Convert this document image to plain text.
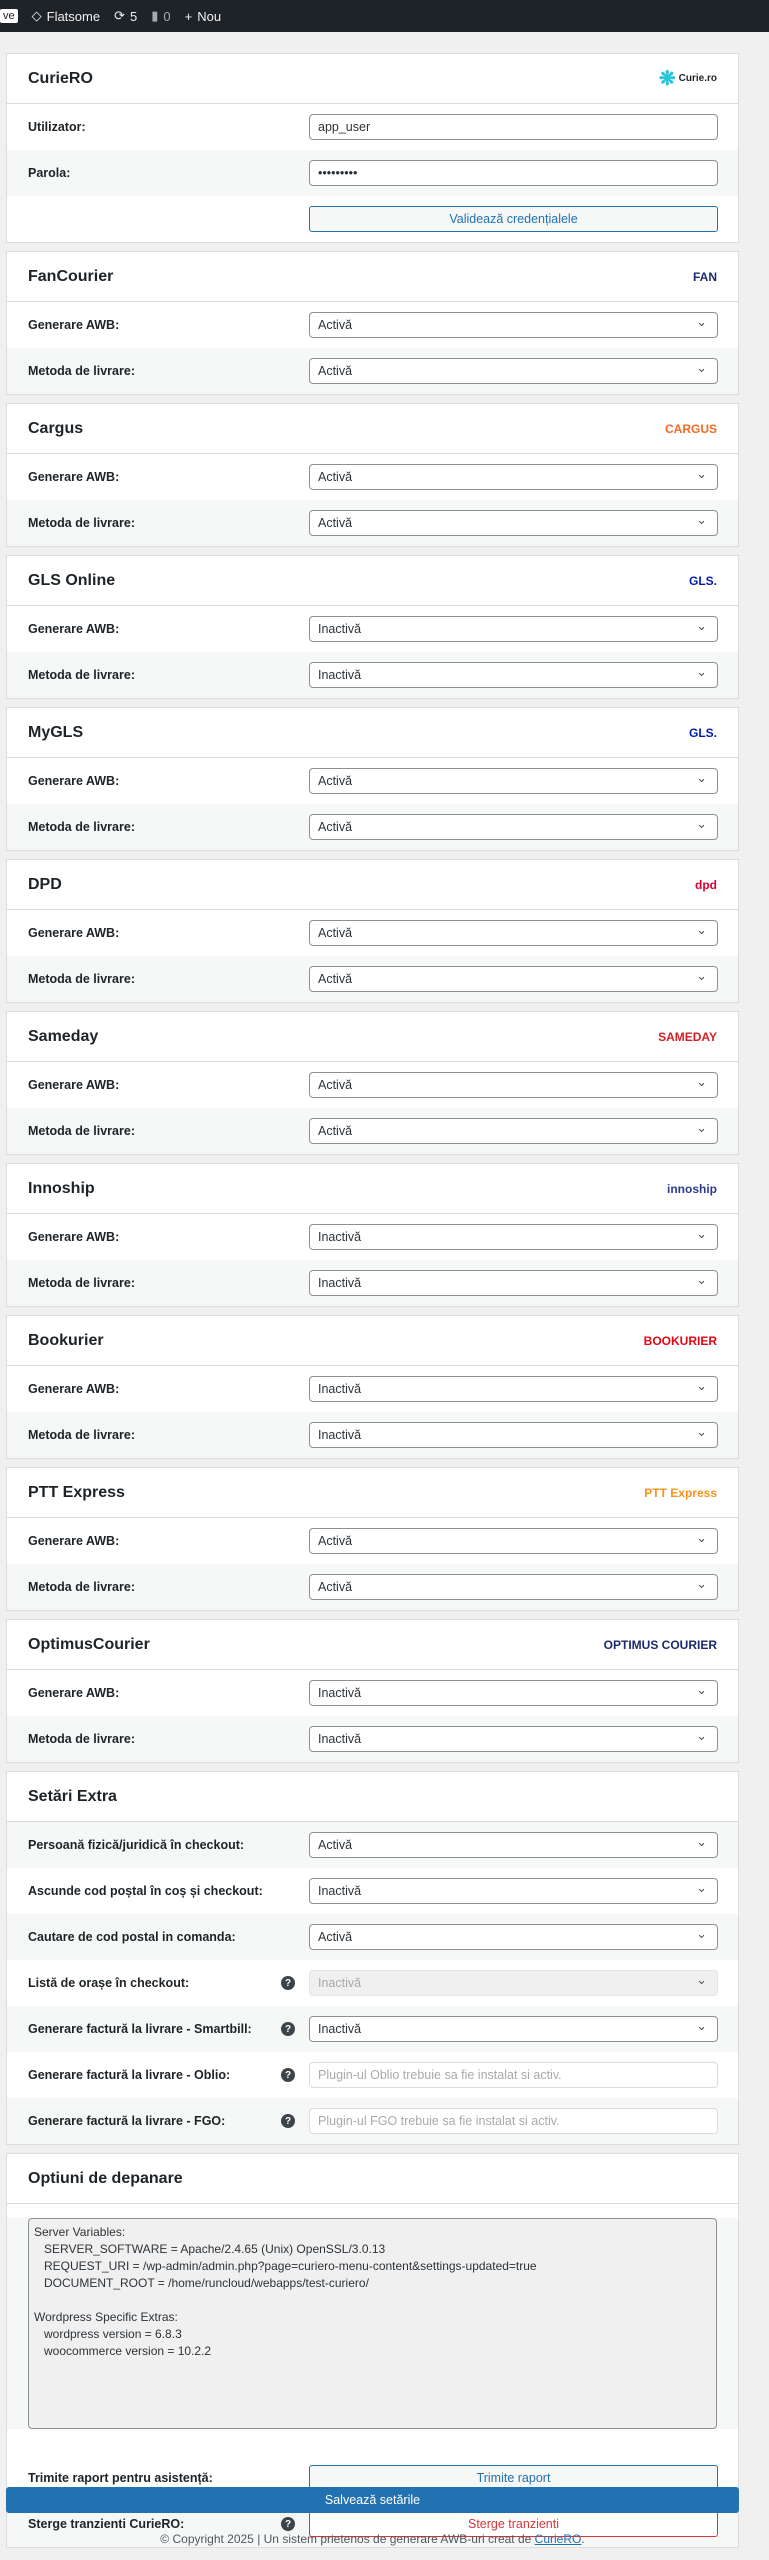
ve ◇ Flatsome ⟳ 5 ▮ 0 + Nou
CurieRO	❋ Curie.ro
Utilizator:	app_user
Parola:	•••••••••
Validează credențialele
FanCourier	FAN
Generare AWB:	Activă ⌄
Metoda de livrare:	Activă ⌄
Cargus	CARGUS
Generare AWB:	Activă ⌄
Metoda de livrare:	Activă ⌄
GLS Online	GLS.
Generare AWB:	Inactivă ⌄
Metoda de livrare:	Inactivă ⌄
MyGLS	GLS.
Generare AWB:	Activă ⌄
Metoda de livrare:	Activă ⌄
DPD	dpd
Generare AWB:	Activă ⌄
Metoda de livrare:	Activă ⌄
Sameday	SAMEDAY
Generare AWB:	Activă ⌄
Metoda de livrare:	Activă ⌄
Innoship	innoship
Generare AWB:	Inactivă ⌄
Metoda de livrare:	Inactivă ⌄
Bookurier	BOOKURIER
Generare AWB:	Inactivă ⌄
Metoda de livrare:	Inactivă ⌄
PTT Express	PTT Express
Generare AWB:	Activă ⌄
Metoda de livrare:	Activă ⌄
OptimusCourier	OPTIMUS COURIER
Generare AWB:	Inactivă ⌄
Metoda de livrare:	Inactivă ⌄
Setări Extra
Persoană fizică/juridică în checkout:	Activă ⌄
Ascunde cod poștal în coș și checkout:	Inactivă ⌄
Cautare de cod postal in comanda:	Activă ⌄
Listă de orașe în checkout:	?	Inactivă ⌄
Generare factură la livrare - Smartbill:	?	Inactivă ⌄
Generare factură la livrare - Oblio:	?	Plugin-ul Oblio trebuie sa fie instalat si activ.
Generare factură la livrare - FGO:	?	Plugin-ul FGO trebuie sa fie instalat si activ.
Optiuni de depanare
Server Variables:
SERVER_SOFTWARE = Apache/2.4.65 (Unix) OpenSSL/3.0.13
REQUEST_URI = /wp-admin/admin.php?page=curiero-menu-content&settings-updated=true
DOCUMENT_ROOT = /home/runcloud/webapps/test-curiero/

Wordpress Specific Extras:
wordpress version = 6.8.3
woocommerce version = 10.2.2
Trimite raport pentru asistență:	Trimite raport
Sterge tranzienti CurieRO:	?	Sterge tranzienti
Salvează setările
© Copyright 2025 | Un sistem prietenos de generare AWB-uri creat de CurieRO.
